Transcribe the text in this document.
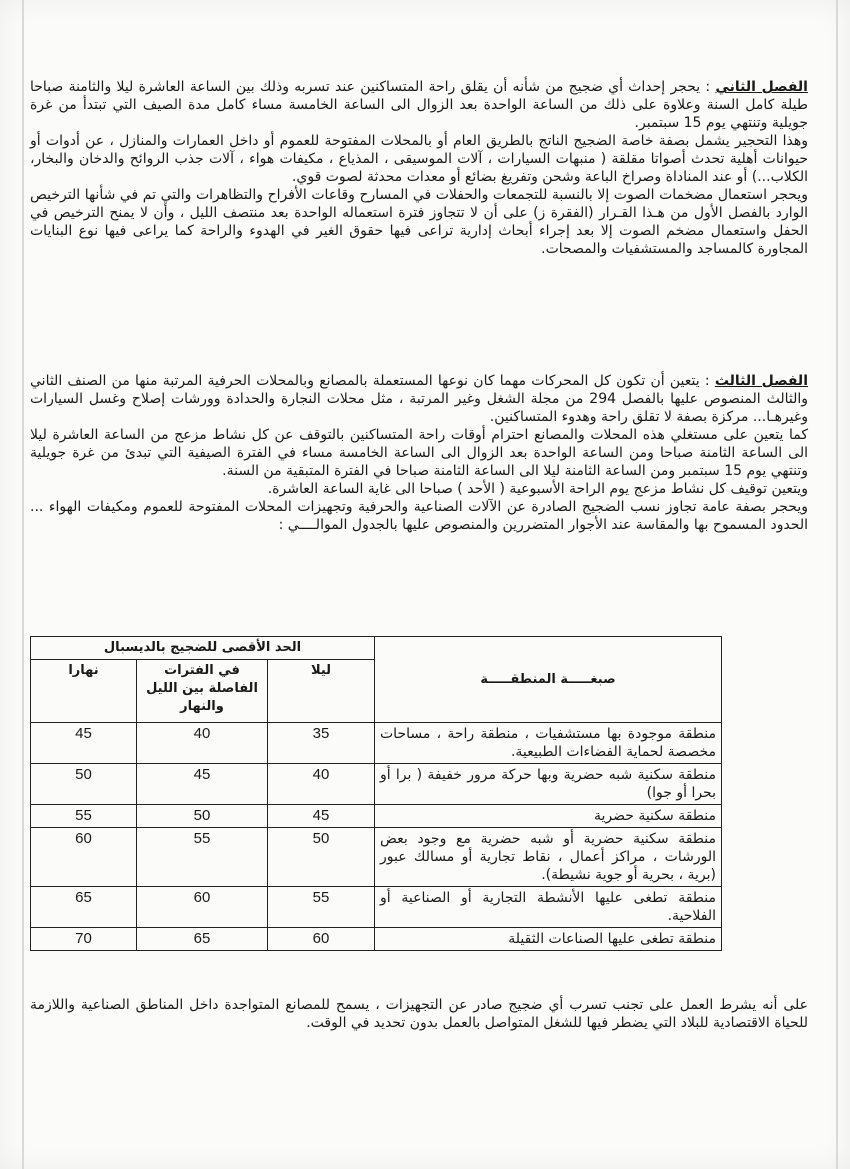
الفصل الثاني : يحجر إحداث أي ضجيج من شأنه أن يقلق راحة المتساكنين عند تسربه وذلك بين الساعة العاشرة ليلا والثامنة صباحا طيلة كامل السنة وعلاوة على ذلك من الساعة الواحدة بعد الزوال الى الساعة الخامسة مساء كامل مدة الصيف التي تبتدأ من غرة جويلية وتنتهي يوم 15 سبتمبر.

وهذا التحجير يشمل بصفة خاصة الضجيج الناتج بالطريق العام أو بالمحلات المفتوحة للعموم أو داخل العمارات والمنازل ، عن أدوات أو حيوانات أهلية تحدث أصواتا مقلقة ( منبهات السيارات ، آلات الموسيقى ، المذياع ، مكيفات هواء ، آلات جذب الروائح والدخان والبخار، الكلاب...) أو عند المناداة وصراخ الباعة وشحن وتفريغ بضائع أو معدات محدثة لصوت قوي.

ويحجر استعمال مضخمات الصوت إلا بالنسبة للتجمعات والحفلات في المسارح وقاعات الأفراح والتظاهرات والتي تم في شأنها الترخيص الوارد بالفصل الأول من هـذا القـرار (الفقرة ز) على أن لا تتجاوز فترة استعماله الواحدة بعد منتصف الليل ، وأن لا يمنح الترخيص في الحفل واستعمال مضخم الصوت إلا بعد إجراء أبحاث إدارية تراعى فيها حقوق الغير في الهدوء والراحة كما يراعى فيها نوع البنايات المجاورة كالمساجد والمستشفيات والمصحات.

الفصل الثالث : يتعين أن تكون كل المحركات مهما كان نوعها المستعملة بالمصانع وبالمحلات الحرفية المرتبة منها من الصنف الثاني والثالث المنصوص عليها بالفصل 294 من مجلة الشغل وغير المرتبة ، مثل محلات النجارة والحدادة وورشات إصلاح وغسل السيارات وغيرهـا... مركزة بصفة لا تقلق راحة وهدوء المتساكنين.

كما يتعين على مستغلي هذه المحلات والمصانع احترام أوقات راحة المتساكنين بالتوقف عن كل نشاط مزعج من الساعة العاشرة ليلا الى الساعة الثامنة صباحا ومن الساعة الواحدة بعد الزوال الى الساعة الخامسة مساء في الفترة الصيفية التي تبدئ من غرة جويلية وتنتهي يوم 15 سبتمبر ومن الساعة الثامنة ليلا الى الساعة الثامنة صباحا في الفترة المتبقية من السنة.

ويتعين توقيف كل نشاط مزعج يوم الراحة الأسبوعية ( الأحد ) صباحا الى غاية الساعة العاشرة.

ويحجر بصفة عامة تجاوز نسب الضجيج الصادرة عن الآلات الصناعية والحرفية وتجهيزات المحلات المفتوحة للعموم ومكيفات الهواء ... الحدود المسموح بها والمقاسة عند الأجوار المتضررين والمنصوص عليها بالجدول الموالــــي :

صبغـــــة المنطقـــــة	الحد الأقصى للضجيج بالديسبال		
	ليلا	في الفترات الفاصلة بين الليل والنهار	نهارا
منطقة موجودة بها مستشفيات ، منطقة راحة ، مساحات مخصصة لحماية الفضاءات الطبيعية.	35	40	45
منطقة سكنية شبه حضرية وبها حركة مرور خفيفة ( برا أو بحرا أو جوا)	40	45	50
منطقة سكنية حضرية	45	50	55
منطقة سكنية حضرية أو شبه حضرية مع وجود بعض الورشات ، مراكز أعمال ، نقاط تجارية أو مسالك عبور (برية ، بحرية أو جوية نشيطة).	50	55	60
منطقة تطغى عليها الأنشطة التجارية أو الصناعية أو الفلاحية.	55	60	65
منطقة تطغى عليها الصناعات الثقيلة	60	65	70

على أنه يشرط العمل على تجنب تسرب أي ضجيج صادر عن التجهيزات ، يسمح للمصانع المتواجدة داخل المناطق الصناعية واللازمة للحياة الاقتصادية للبلاد التي يضطر فيها للشغل المتواصل بالعمل بدون تحديد في الوقت.
